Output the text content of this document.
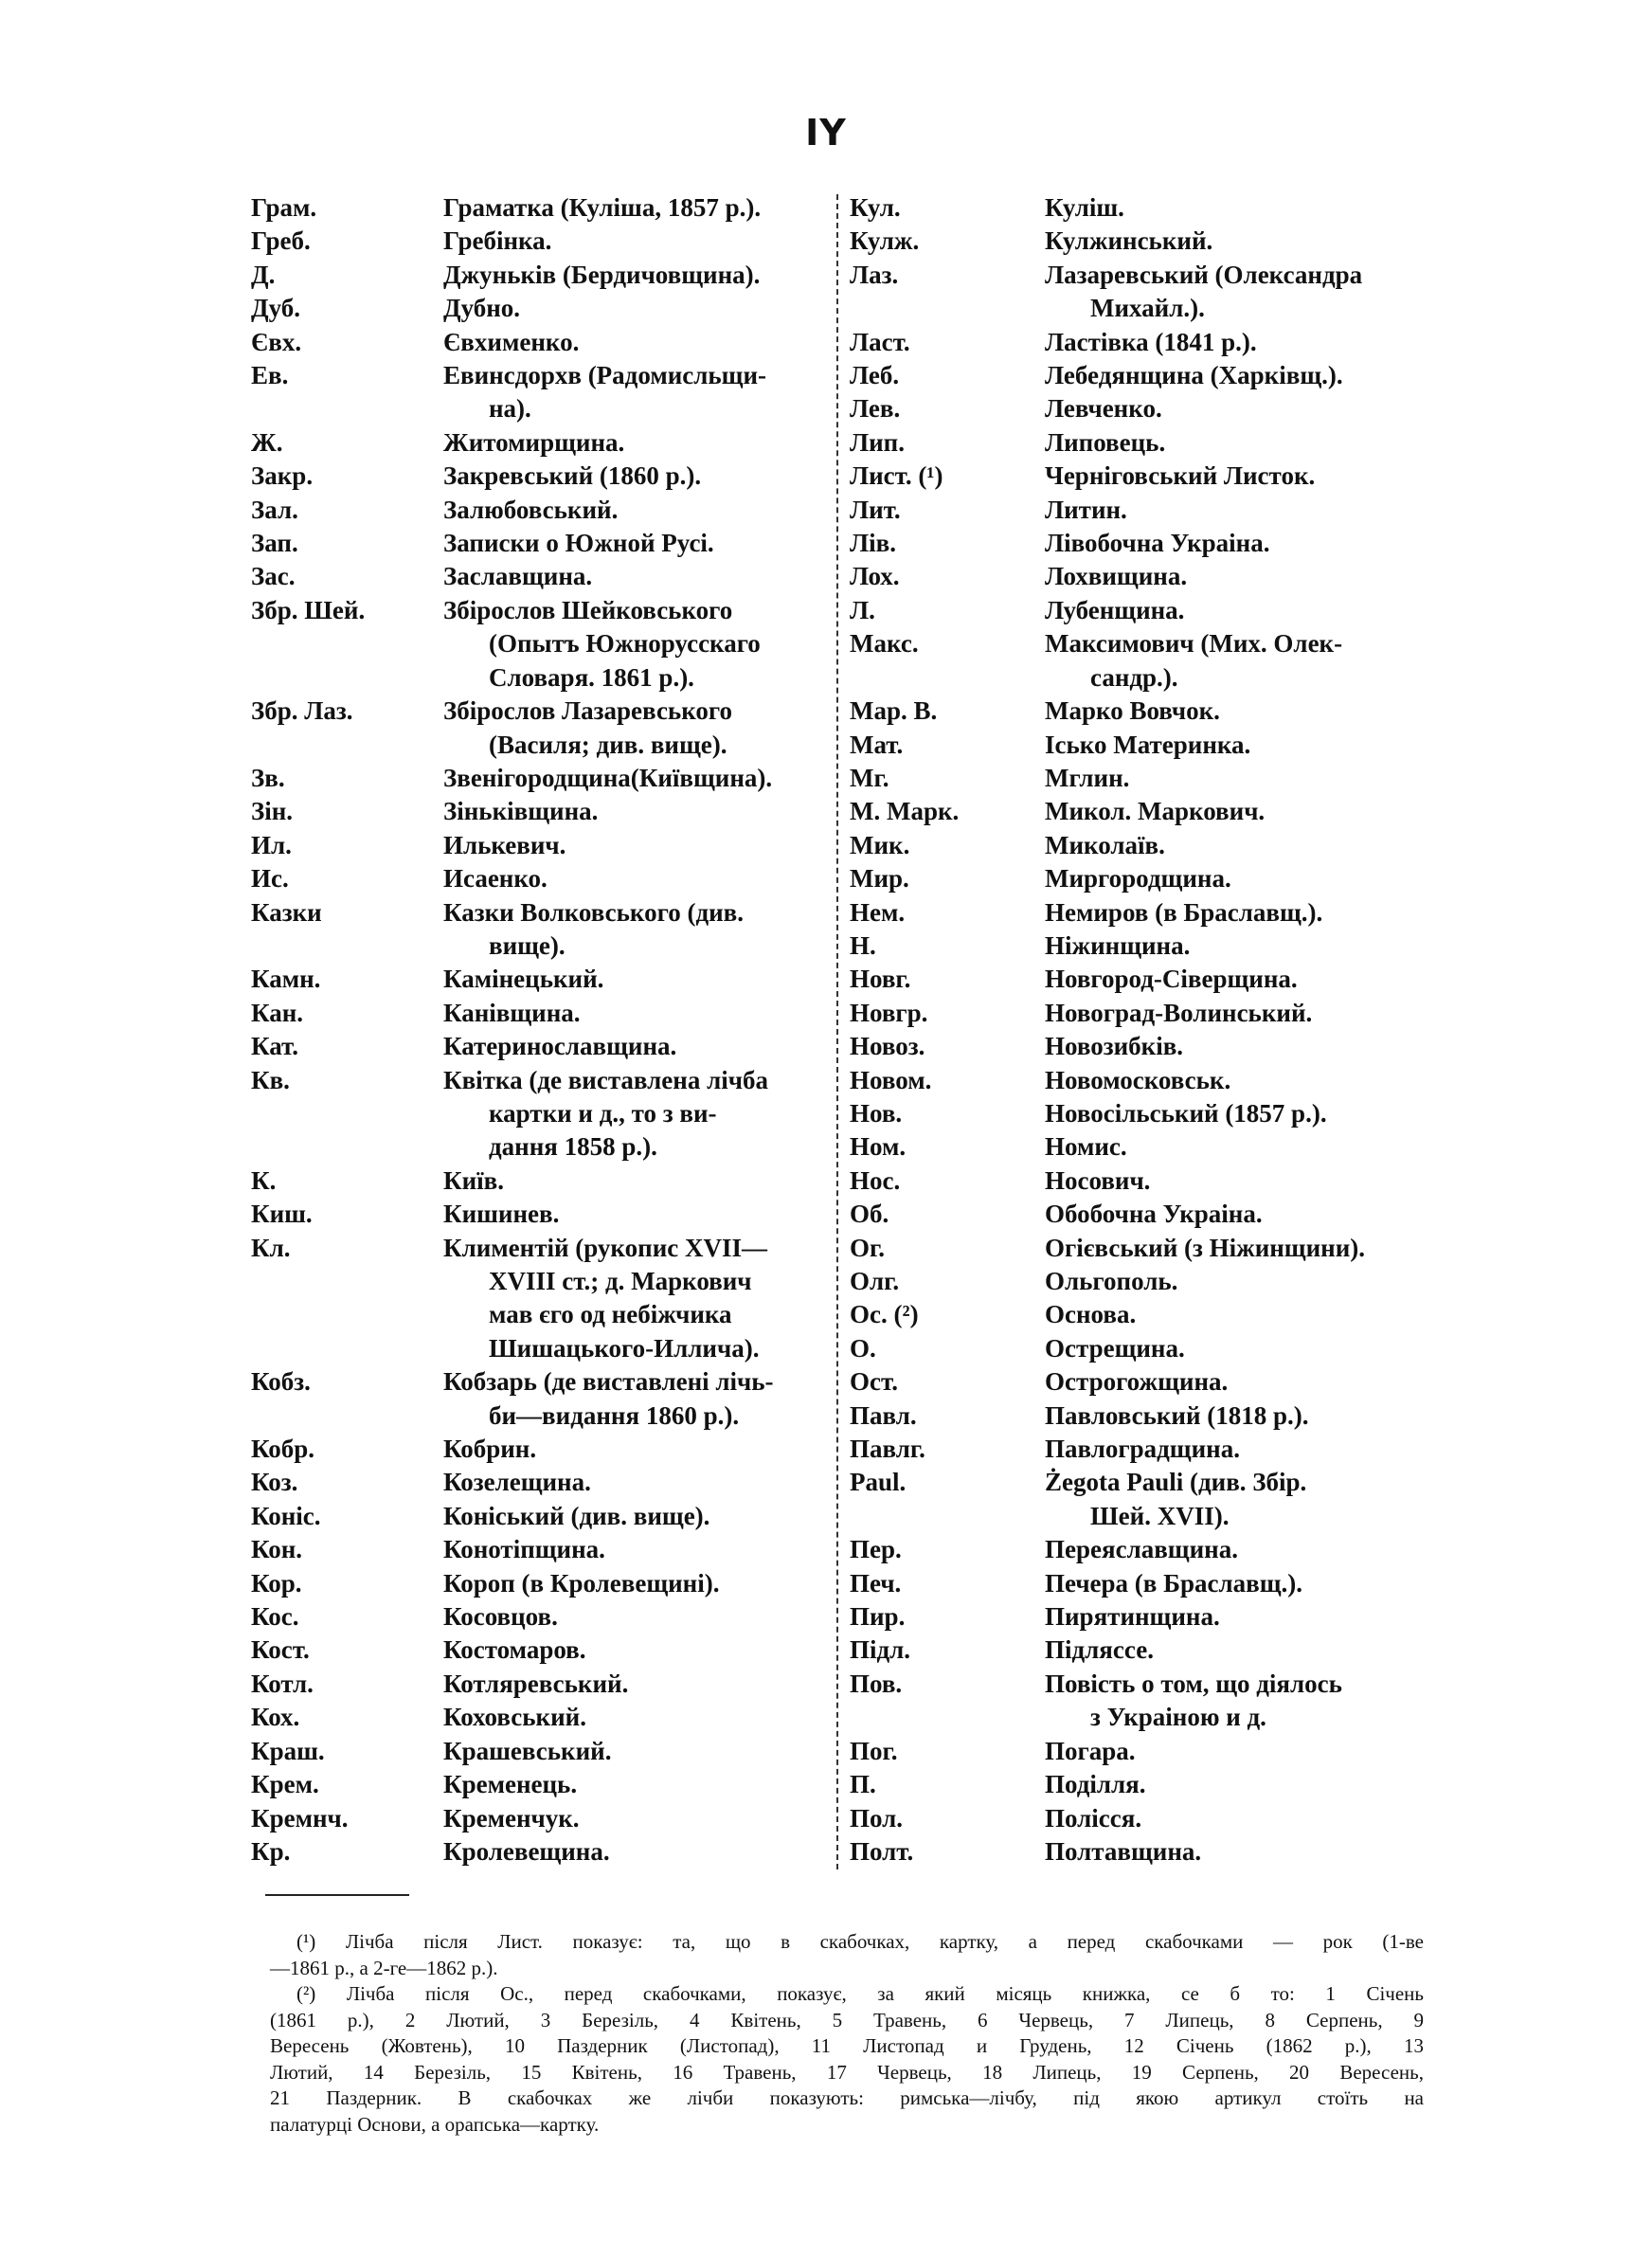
IY
Грам.	Граматка (Куліша, 1857 р.).
Греб.	Гребінка.
Д.	Джуньків (Бердичовщина).
Дуб.	Дубно.
Євх.	Євхименко.
Ев.	Евинсдорхв (Радомисльщи-
на).
Ж.	Житомирщина.
Закр.	Закревський (1860 р.).
Зал.	Залюбовський.
Зап.	Записки о Южной Русі.
Зас.	Заславщина.
Збр. Шей.	Збірослов Шейковського
(Опытъ Южнорусскаго
Словаря. 1861 р.).
Збр. Лаз.	Збірослов Лазаревського
(Василя; див. вище).
Зв.	Звенігородщина(Київщина).
Зін.	Зіньківщина.
Ил.	Илькевич.
Ис.	Исаенко.
Казки	Казки Волковського (див.
вище).
Камн.	Камінецький.
Кан.	Канівщина.
Кат.	Катеринославщина.
Кв.	Квітка (де виставлена лічба
картки и д., то з ви-
дання 1858 р.).
К.	Київ.
Киш.	Кишинев.
Кл.	Климентій (рукопис XVII—
XVIII ст.; д. Маркович
мав єго од небіжчика
Шишацького-Иллича).
Кобз.	Кобзарь (де виставлені лічь-
би—видання 1860 р.).
Кобр.	Кобрин.
Коз.	Козелещина.
Коніс.	Коніський (див. вище).
Кон.	Конотіпщина.
Кор.	Короп (в Кролевещині).
Кос.	Косовцов.
Кост.	Костомаров.
Котл.	Котляревський.
Кох.	Коховський.
Краш.	Крашевський.
Крем.	Кременець.
Кремнч.	Кременчук.
Кр.	Кролевещина.
Кул.	Куліш.
Кулж.	Кулжинський.
Лаз.	Лазаревський (Олександра
Михайл.).
Ласт.	Ластівка (1841 р.).
Леб.	Лебедянщина (Харківщ.).
Лев.	Левченко.
Лип.	Липовець.
Лист. (¹)	Черніговський Листок.
Лит.	Литин.
Лів.	Лівобочна Украіна.
Лох.	Лохвищина.
Л.	Лубенщина.
Макс.	Максимович (Мих. Олек-
сандр.).
Мар. В.	Марко Вовчок.
Мат.	Ісько Материнка.
Мг.	Мглин.
М. Марк.	Микол. Маркович.
Мик.	Миколаїв.
Мир.	Миргородщина.
Нем.	Немиров (в Браславщ.).
Н.	Ніжинщина.
Новг.	Новгород-Сіверщина.
Новгр.	Новоград-Волинський.
Новоз.	Новозибків.
Новом.	Новомосковськ.
Нов.	Новосільський (1857 р.).
Ном.	Номис.
Нос.	Носович.
Об.	Обобочна Украіна.
Ог.	Огієвський (з Ніжинщини).
Олг.	Ольгополь.
Ос. (²)	Основа.
О.	Острещина.
Ост.	Острогожщина.
Павл.	Павловський (1818 р.).
Павлг.	Павлоградщина.
Paul.	Żegota Pauli (див. Збір.
Шей. XVII).
Пер.	Переяславщина.
Печ.	Печера (в Браславщ.).
Пир.	Пирятинщина.
Підл.	Підляссе.
Пов.	Повість о том, що діялось
з Украіною и д.
Пог.	Погара.
П.	Поділля.
Пол.	Полісся.
Полт.	Полтавщина.
(¹) Лічба після Лист. показує: та, що в скабочках, картку, а перед скабочками — рок (1-ве
—1861 р., а 2-ге—1862 р.).
(²) Лічба після Ос., перед скабочками, показує, за який місяць книжка, се б то: 1 Січень
(1861 р.), 2 Лютий, 3 Березіль, 4 Квітень, 5 Травень, 6 Червець, 7 Липець, 8 Серпень, 9
Вересень (Жовтень), 10 Паздерник (Листопад), 11 Листопад и Грудень, 12 Січень (1862 р.), 13
Лютий, 14 Березіль, 15 Квітень, 16 Травень, 17 Червець, 18 Липець, 19 Серпень, 20 Вересень,
21 Паздерник. В скабочках же лічби показують: римська—лічбу, під якою артикул стоїть на
палатурці Основи, а орапська—картку.
